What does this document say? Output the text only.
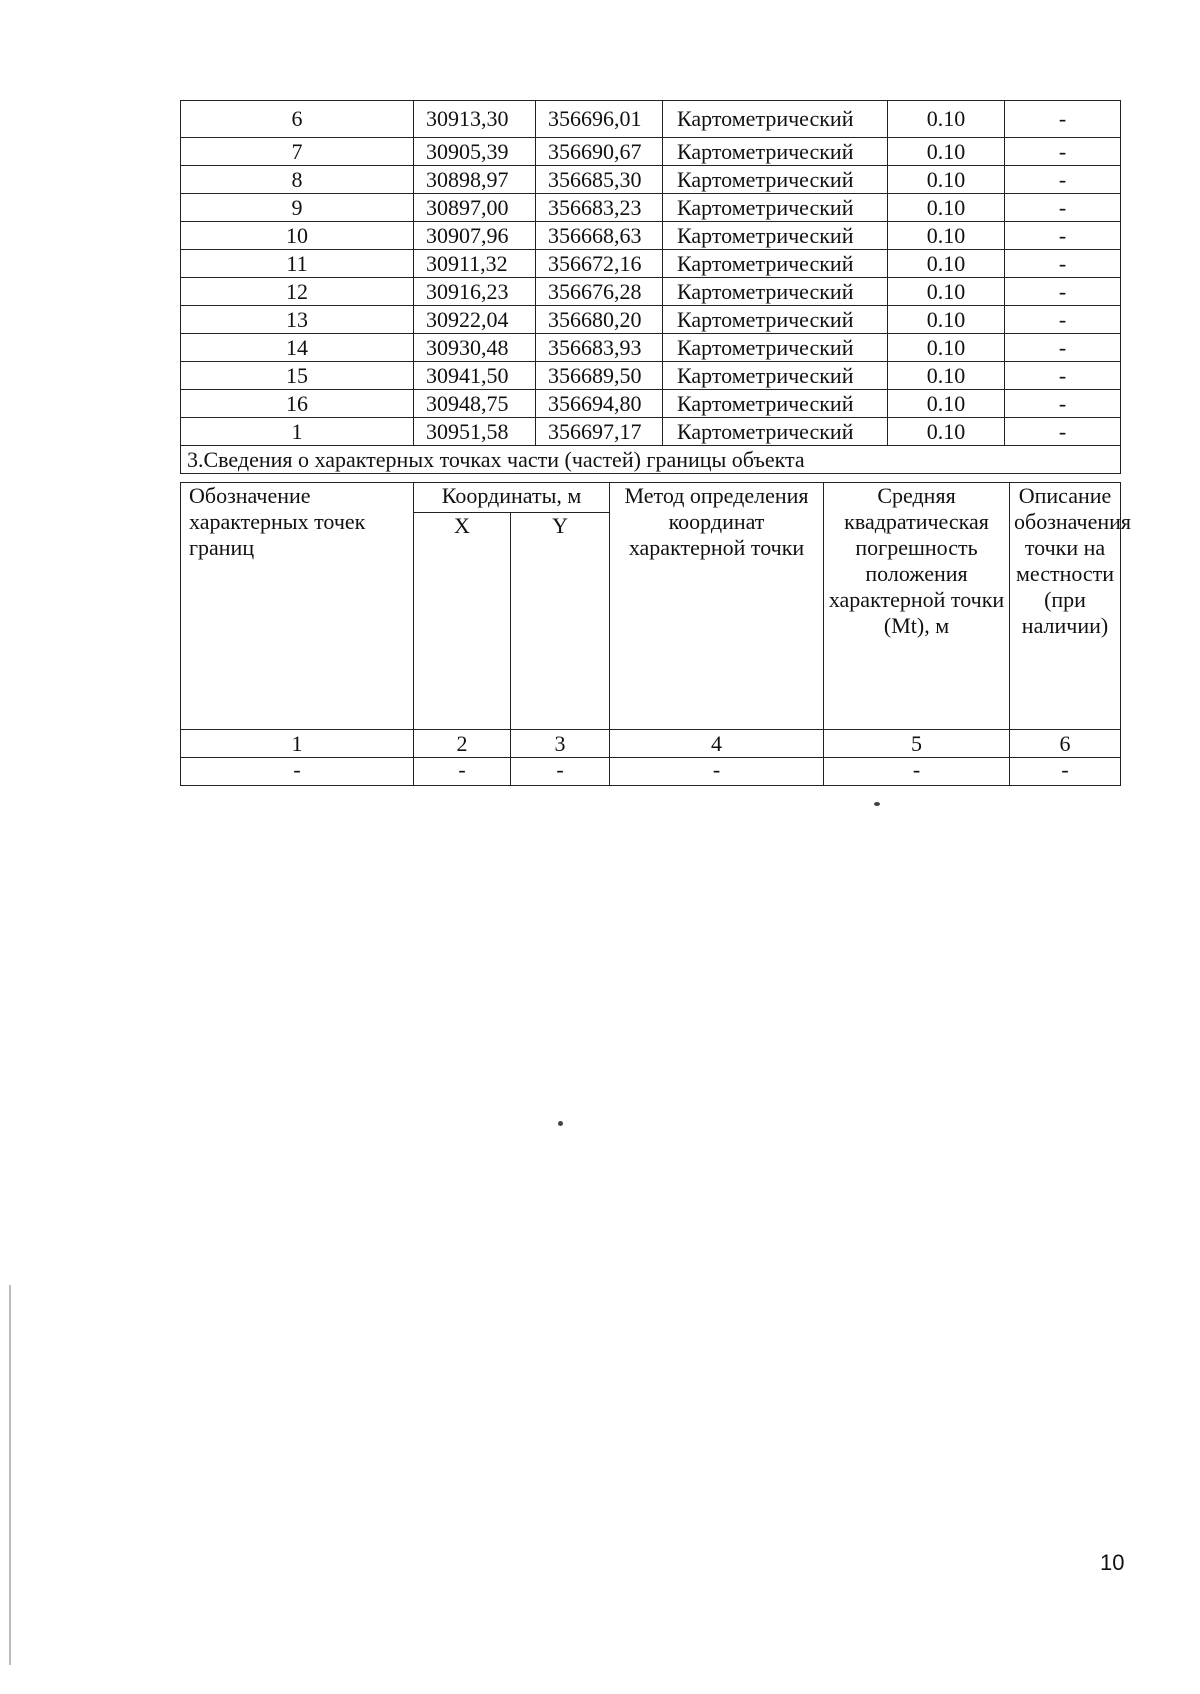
6	30913,30	356696,01	Картометрический	0.10	-
7	30905,39	356690,67	Картометрический	0.10	-
8	30898,97	356685,30	Картометрический	0.10	-
9	30897,00	356683,23	Картометрический	0.10	-
10	30907,96	356668,63	Картометрический	0.10	-
11	30911,32	356672,16	Картометрический	0.10	-
12	30916,23	356676,28	Картометрический	0.10	-
13	30922,04	356680,20	Картометрический	0.10	-
14	30930,48	356683,93	Картометрический	0.10	-
15	30941,50	356689,50	Картометрический	0.10	-
16	30948,75	356694,80	Картометрический	0.10	-
1	30951,58	356697,17	Картометрический	0.10	-
3.Сведения о характерных точках части (частей) границы объекта					
Обозначение характерных точек границ	Координаты, м		Метод определения координат характерной точки	Средняя квадратическая погрешность положения характерной точки (Mt), м	Описание обозначения точки на местности (при наличии)
	X	Y			
1	2	3	4	5	6
-	-	-	-	-	-
10
